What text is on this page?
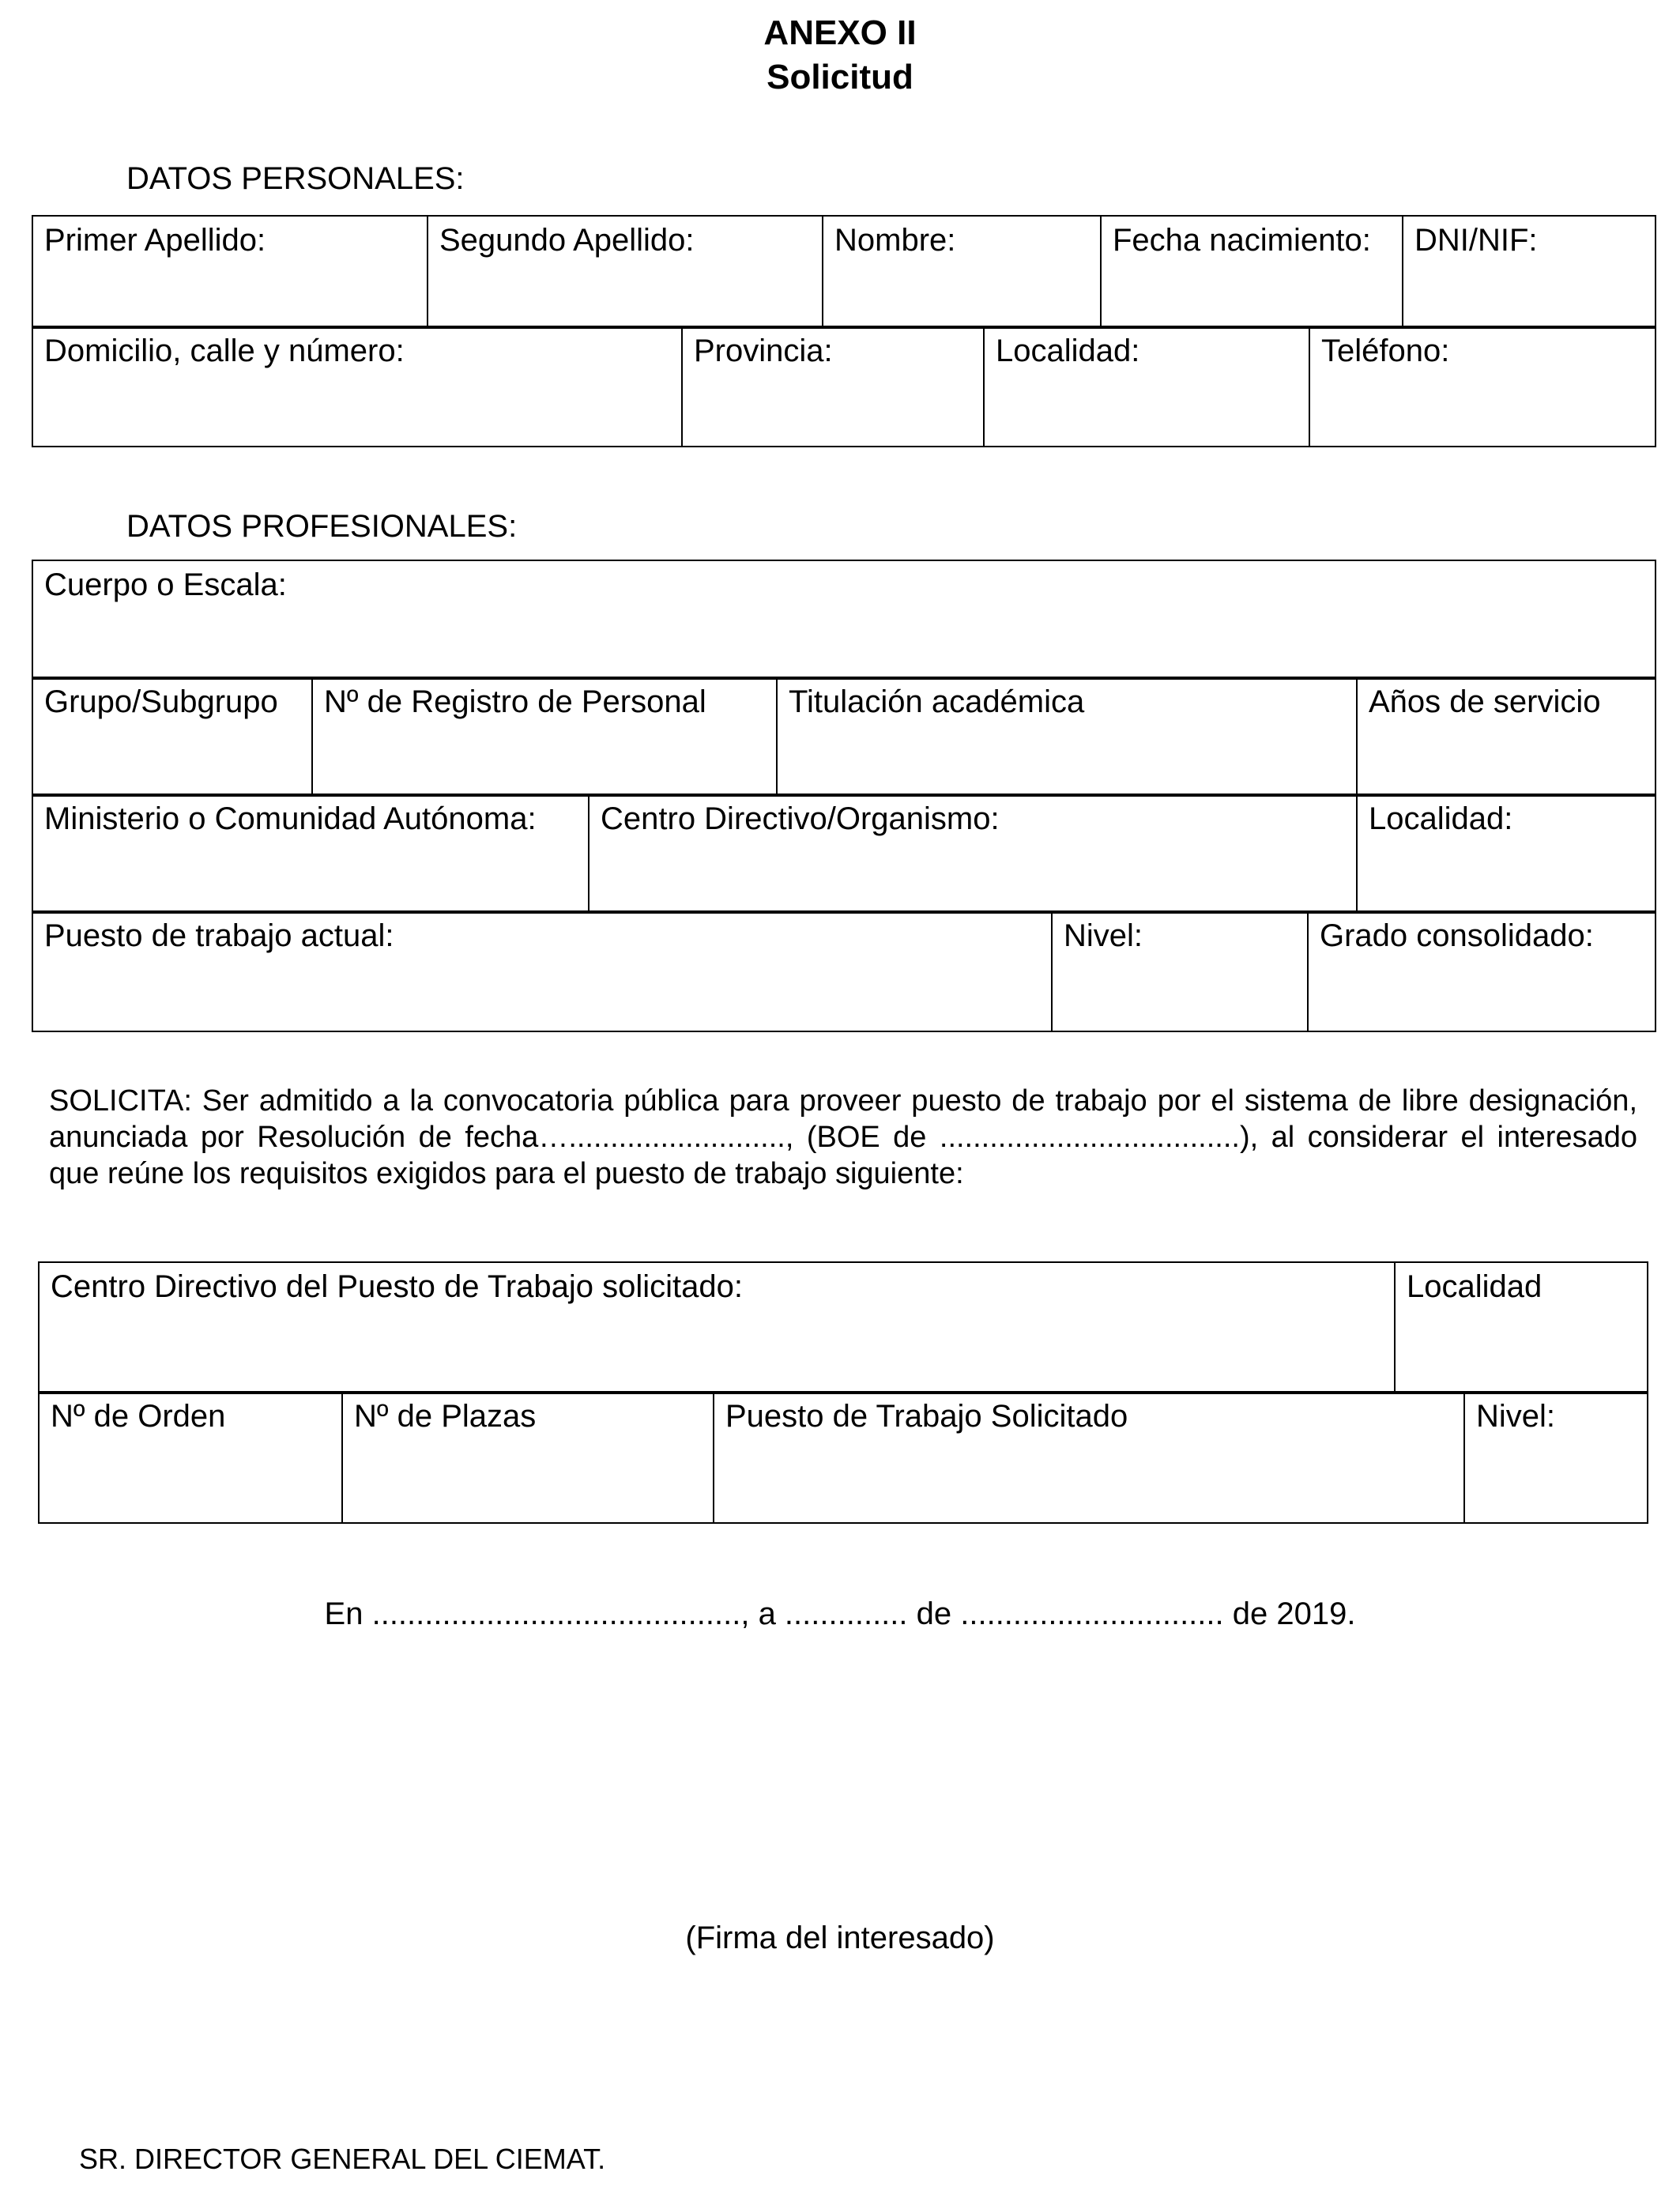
ANEXO II
Solicitud
DATOS PERSONALES:
Primer Apellido:	Segundo Apellido:	Nombre:	Fecha nacimiento:	DNI/NIF:
Domicilio, calle y número:	Provincia:	Localidad:	Teléfono:
DATOS PROFESIONALES:
Cuerpo o Escala:
Grupo/Subgrupo	Nº de Registro de Personal	Titulación académica	Años de servicio
Ministerio o Comunidad Autónoma:	Centro Directivo/Organismo:	Localidad:
Puesto de trabajo actual:	Nivel:	Grado consolidado:
SOLICITA: Ser admitido a la convocatoria pública para proveer puesto de trabajo por el sistema de libre designación, anunciada por Resolución de fecha….........................., (BOE de ....................................), al considerar el interesado que reúne los requisitos exigidos para el puesto de trabajo siguiente:
Centro Directivo del Puesto de Trabajo solicitado:	Localidad
Nº de Orden	Nº de Plazas	Puesto de Trabajo Solicitado	Nivel:
En .........................................., a .............. de .............................. de 2019.
(Firma del interesado)
SR. DIRECTOR GENERAL DEL CIEMAT.
